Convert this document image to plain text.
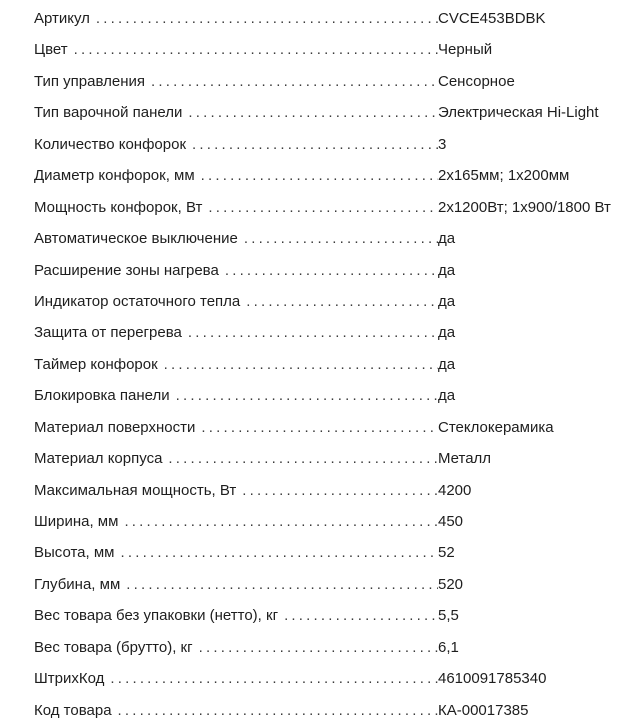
Артикул .....	CVCE453BDBK
Цвет .....	Черный
Тип управления .....	Сенсорное
Тип варочной панели .....	Электрическая Hi-Light
Количество конфорок .....	3
Диаметр конфорок, мм .....	2x165мм; 1x200мм
Мощность конфорок, Вт .....	2x1200Вт; 1x900/1800 Вт
Автоматическое выключение .....	да
Расширение зоны нагрева .....	да
Индикатор остаточного тепла .....	да
Защита от перегрева .....	да
Таймер конфорок .....	да
Блокировка панели .....	да
Материал поверхности .....	Стеклокерамика
Материал корпуса .....	Металл
Максимальная мощность, Вт .....	4200
Ширина, мм .....	450
Высота, мм .....	52
Глубина, мм .....	520
Вес товара без упаковки (нетто), кг .....	5,5
Вес товара (брутто), кг .....	6,1
ШтрихКод .....	4610091785340
Код товара .....	КА-00017385
